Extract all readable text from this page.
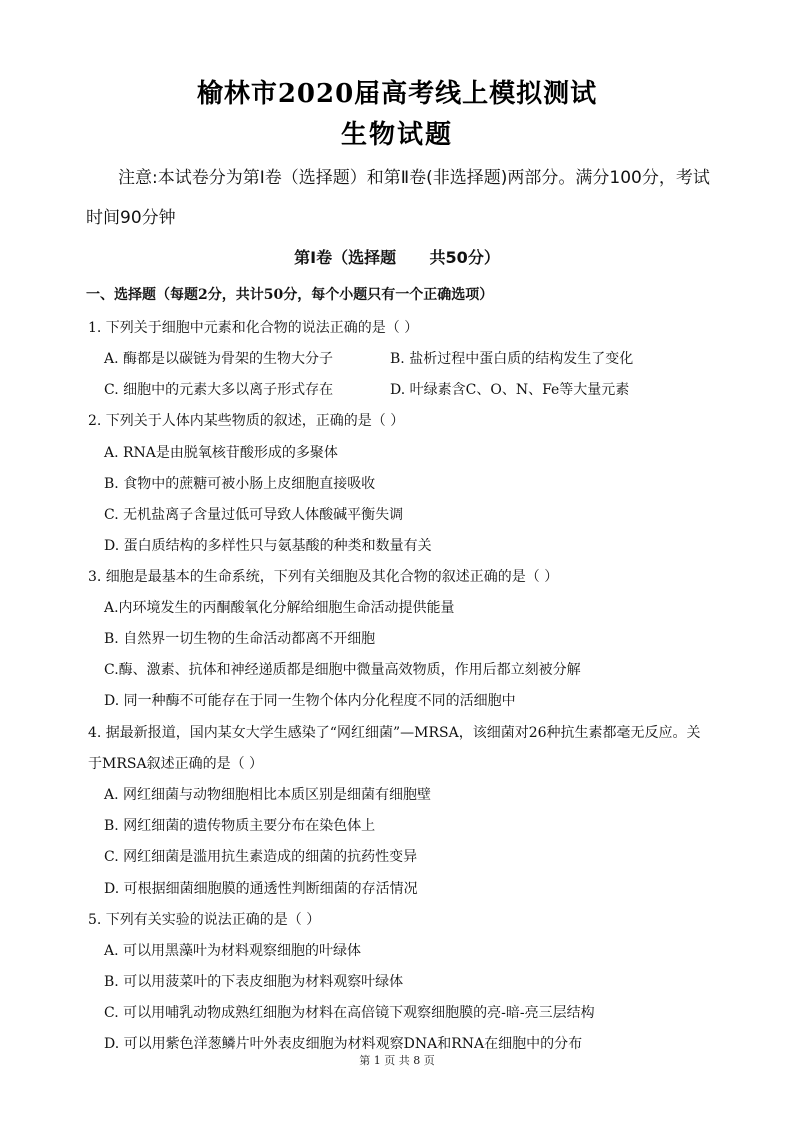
榆林市2020届高考线上模拟测试
生物试题
注意:本试卷分为第Ⅰ卷（选择题）和第Ⅱ卷(非选择题)两部分。满分100分，考试
时间90分钟
第Ⅰ卷（选择题      共50分）
一、选择题（每题2分，共计50分，每个小题只有一个正确选项）
1. 下列关于细胞中元素和化合物的说法正确的是（ ）
A. 酶都是以碳链为骨架的生物大分子	B. 盐析过程中蛋白质的结构发生了变化
C. 细胞中的元素大多以离子形式存在	D. 叶绿素含C、O、N、Fe等大量元素
2. 下列关于人体内某些物质的叙述，正确的是（ ）
A. RNA是由脱氧核苷酸形成的多聚体
B. 食物中的蔗糖可被小肠上皮细胞直接吸收
C. 无机盐离子含量过低可导致人体酸碱平衡失调
D. 蛋白质结构的多样性只与氨基酸的种类和数量有关
3. 细胞是最基本的生命系统，下列有关细胞及其化合物的叙述正确的是（ ）
A.内环境发生的丙酮酸氧化分解给细胞生命活动提供能量
B. 自然界一切生物的生命活动都离不开细胞
C.酶、激素、抗体和神经递质都是细胞中微量高效物质，作用后都立刻被分解
D. 同一种酶不可能存在于同一生物个体内分化程度不同的活细胞中
4. 据最新报道，国内某女大学生感染了“网红细菌”—MRSA，该细菌对26种抗生素都毫无反应。关
于MRSA叙述正确的是（ ）
A. 网红细菌与动物细胞相比本质区别是细菌有细胞壁
B. 网红细菌的遗传物质主要分布在染色体上
C. 网红细菌是滥用抗生素造成的细菌的抗药性变异
D. 可根据细菌细胞膜的通透性判断细菌的存活情况
5. 下列有关实验的说法正确的是（ ）
A. 可以用黑藻叶为材料观察细胞的叶绿体
B. 可以用菠菜叶的下表皮细胞为材料观察叶绿体
C. 可以用哺乳动物成熟红细胞为材料在高倍镜下观察细胞膜的亮-暗-亮三层结构
D. 可以用紫色洋葱鳞片叶外表皮细胞为材料观察DNA和RNA在细胞中的分布
第 1 页 共 8 页
